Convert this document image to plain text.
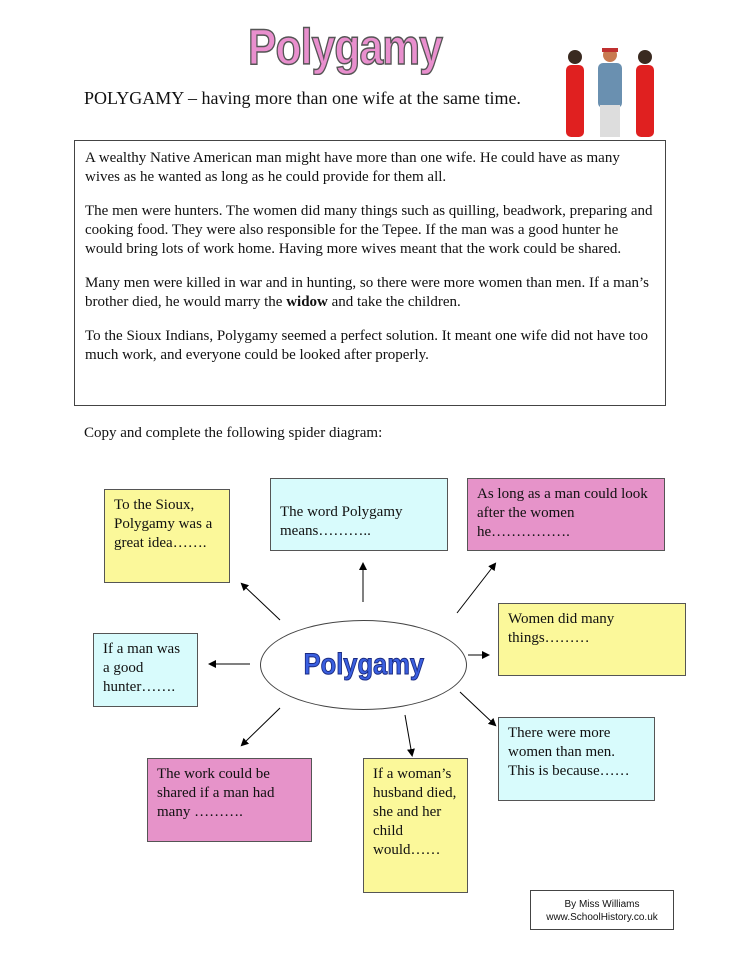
Polygamy
POLYGAMY – having more than one wife at the same time.

A wealthy Native American man might have more than one wife. He could have as many wives as he wanted as long as he could provide for them all.

The men were hunters. The women did many things such as quilling, beadwork, preparing and cooking food. They were also responsible for the Tepee. If the man was a good hunter he would bring lots of work home. Having more wives meant that the work could be shared.

Many men were killed in war and in hunting, so there were more women than men. If a man’s brother died, he would marry the widow and take the children.

To the Sioux Indians, Polygamy seemed a perfect solution. It meant one wife did not have too much work, and everyone could be looked after properly.

Copy and complete the following spider diagram:
To the Sioux, Polygamy was a great idea…….
The word Polygamy means………..
As long as a man could look after the women he…………….
Women did many things………
If a man was a good hunter…….
There were more women than men. This is because……
The work could be shared if a man had many ……….
If a woman’s husband died, she and her child would……
Polygamy
By Miss Williams
www.SchoolHistory.co.uk
